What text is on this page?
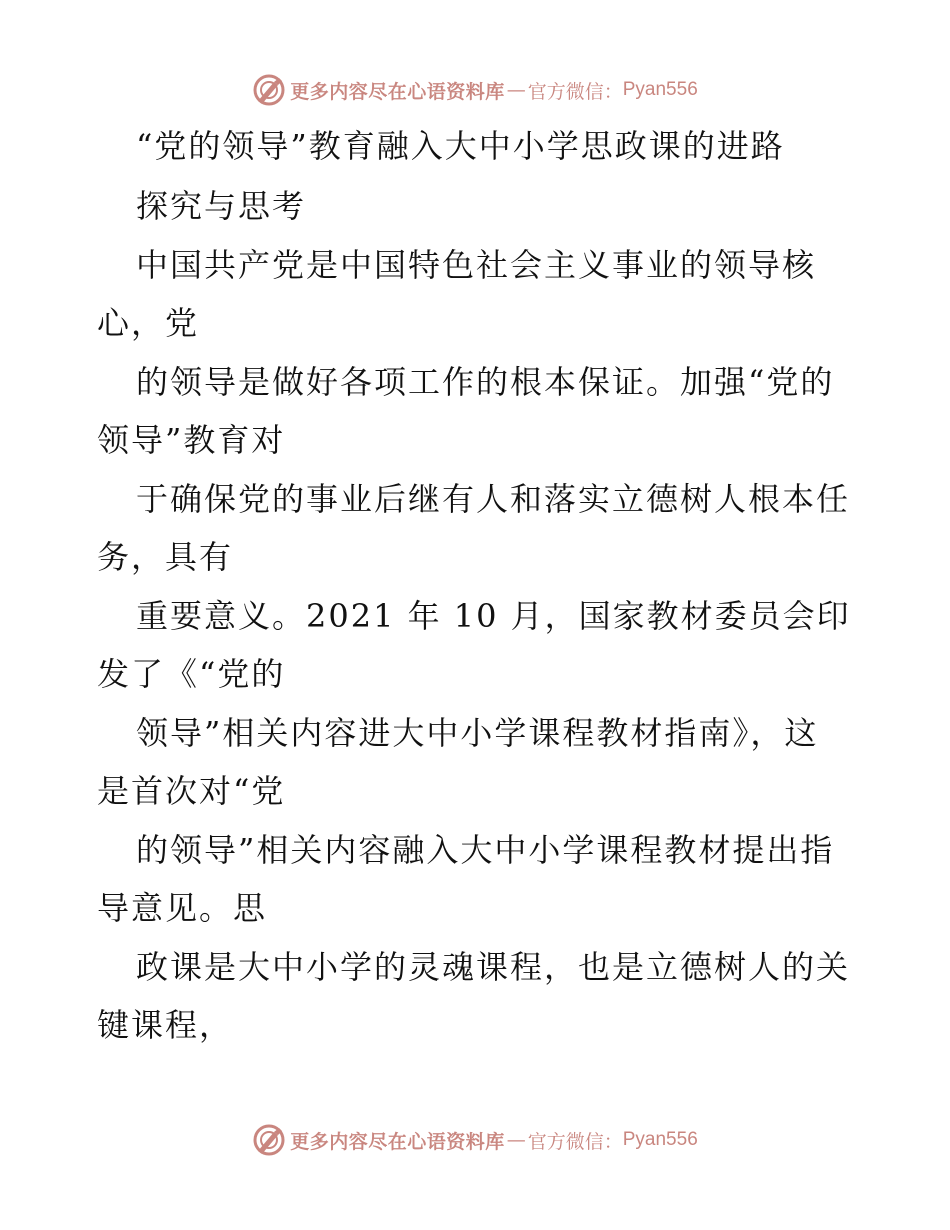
更多内容尽在心语资料库 — 官方微信： Pyan556
“党的领导”教育融入大中小学思政课的进路
探究与思考
中国共产党是中国特色社会主义事业的领导核
心，党
的领导是做好各项工作的根本保证。加强“党的
领导”教育对
于确保党的事业后继有人和落实立德树人根本任
务，具有
重要意义。2021 年 10 月，国家教材委员会印
发了《“党的
领导”相关内容进大中小学课程教材指南》，这
是首次对“党
的领导”相关内容融入大中小学课程教材提出指
导意见。思
政课是大中小学的灵魂课程，也是立德树人的关
键课程，
更多内容尽在心语资料库 — 官方微信： Pyan556
